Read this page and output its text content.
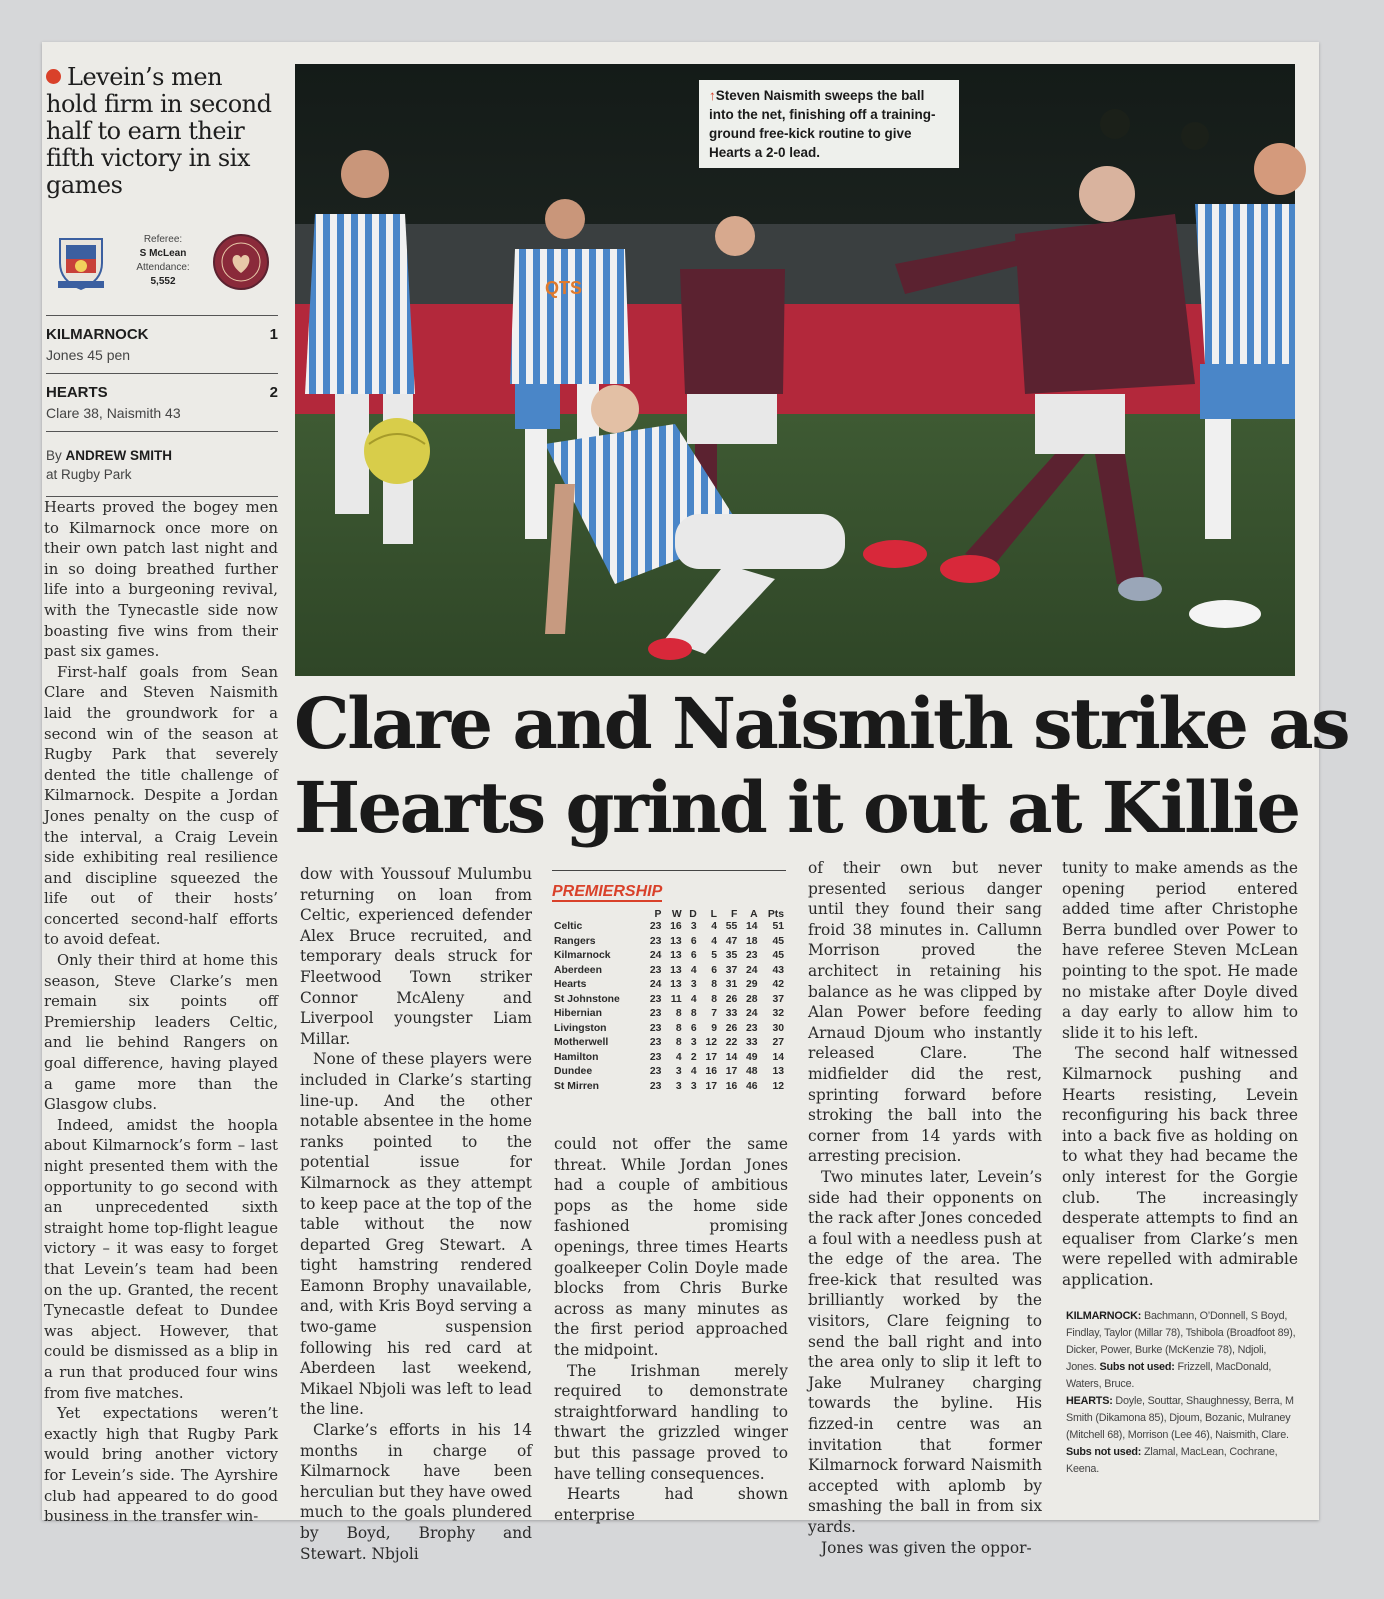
Levein’s men hold firm in second half to earn their fifth victory in six games
Referee:
S McLean
Attendance:
5,552
KILMARNOCK	1
Jones 45 pen
HEARTS	2
Clare 38, Naismith 43
By ANDREW SMITH
at Rugby Park

Hearts proved the bogey men to Kilmarnock once more on their own patch last night and in so doing breathed further life into a burgeoning revival, with the Tynecastle side now boasting five wins from their past six games.

First-half goals from Sean Clare and Steven Naismith laid the groundwork for a second win of the season at Rugby Park that severely dented the title challenge of Kilmarnock. Despite a Jordan Jones penalty on the cusp of the interval, a Craig Levein side exhibiting real resilience and discipline squeezed the life out of their hosts’ concerted second-half efforts to avoid defeat.

Only their third at home this season, Steve Clarke’s men remain six points off Premiership leaders Celtic, and lie behind Rangers on goal difference, having played a game more than the Glasgow clubs.

Indeed, amidst the hoopla about Kilmarnock’s form – last night presented them with the opportunity to go second with an unprecedented sixth straight home top-flight league victory – it was easy to forget that Levein’s team had been on the up. Granted, the recent Tynecastle defeat to Dundee was abject. However, that could be dismissed as a blip in a run that produced four wins from five matches.

Yet expectations weren’t exactly high that Rugby Park would bring another victory for Levein’s side. The Ayrshire club had appeared to do good business in the transfer win-

QTS
↑Steven Naismith sweeps the ball into the net, finishing off a training-ground free-kick routine to give Hearts a 2-0 lead.
Clare and Naismith strike as
Hearts grind it out at Killie

dow with Youssouf Mulumbu returning on loan from Celtic, experienced defender Alex Bruce recruited, and temporary deals struck for Fleetwood Town striker Connor McAleny and Liverpool youngster Liam Millar.

None of these players were included in Clarke’s starting line-up. And the other notable absentee in the home ranks pointed to the potential issue for Kilmarnock as they attempt to keep pace at the top of the table without the now departed Greg Stewart. A tight hamstring rendered Eamonn Brophy unavailable, and, with Kris Boyd serving a two-game suspension following his red card at Aberdeen last weekend, Mikael Nbjoli was left to lead the line.

Clarke’s efforts in his 14 months in charge of Kilmarnock have been herculian but they have owed much to the goals plundered by Boyd, Brophy and Stewart. Nbjoli

PREMIERSHIP
	P	W	D	L	F	A	Pts
Celtic	23	16	3	4	55	14	51
Rangers	23	13	6	4	47	18	45
Kilmarnock	24	13	6	5	35	23	45
Aberdeen	23	13	4	6	37	24	43
Hearts	24	13	3	8	31	29	42
St Johnstone	23	11	4	8	26	28	37
Hibernian	23	8	8	7	33	24	32
Livingston	23	8	6	9	26	23	30
Motherwell	23	8	3	12	22	33	27
Hamilton	23	4	2	17	14	49	14
Dundee	23	3	4	16	17	48	13
St Mirren	23	3	3	17	16	46	12

could not offer the same threat. While Jordan Jones had a couple of ambitious pops as the home side fashioned promising openings, three times Hearts goalkeeper Colin Doyle made blocks from Chris Burke across as many minutes as the first period approached the midpoint.

The Irishman merely required to demonstrate straightforward handling to thwart the grizzled winger but this passage proved to have telling consequences.

Hearts had shown enterprise

of their own but never presented serious danger until they found their sang froid 38 minutes in. Callumn Morrison proved the architect in retaining his balance as he was clipped by Alan Power before feeding Arnaud Djoum who instantly released Clare. The midfielder did the rest, sprinting forward before stroking the ball into the corner from 14 yards with arresting precision.

Two minutes later, Levein’s side had their opponents on the rack after Jones conceded a foul with a needless push at the edge of the area. The free-kick that resulted was brilliantly worked by the visitors, Clare feigning to send the ball right and into the area only to slip it left to Jake Mulraney charging towards the byline. His fizzed-in centre was an invitation that former Kilmarnock forward Naismith accepted with aplomb by smashing the ball in from six yards.

Jones was given the oppor-

tunity to make amends as the opening period entered added time after Christophe Berra bundled over Power to have referee Steven McLean pointing to the spot. He made no mistake after Doyle dived a day early to allow him to slide it to his left.

The second half witnessed Kilmarnock pushing and Hearts resisting, Levein reconfiguring his back three into a back five as holding on to what they had became the only interest for the Gorgie club. The increasingly desperate attempts to find an equaliser from Clarke’s men were repelled with admirable application.

KILMARNOCK: Bachmann, O’Donnell, S Boyd, Findlay, Taylor (Millar 78), Tshibola (Broadfoot 89), Dicker, Power, Burke (McKenzie 78), Ndjoli, Jones. Subs not used: Frizzell, MacDonald, Waters, Bruce.
HEARTS: Doyle, Souttar, Shaughnessy, Berra, M Smith (Dikamona 85), Djoum, Bozanic, Mulraney (Mitchell 68), Morrison (Lee 46), Naismith, Clare. Subs not used: Zlamal, MacLean, Cochrane, Keena.
